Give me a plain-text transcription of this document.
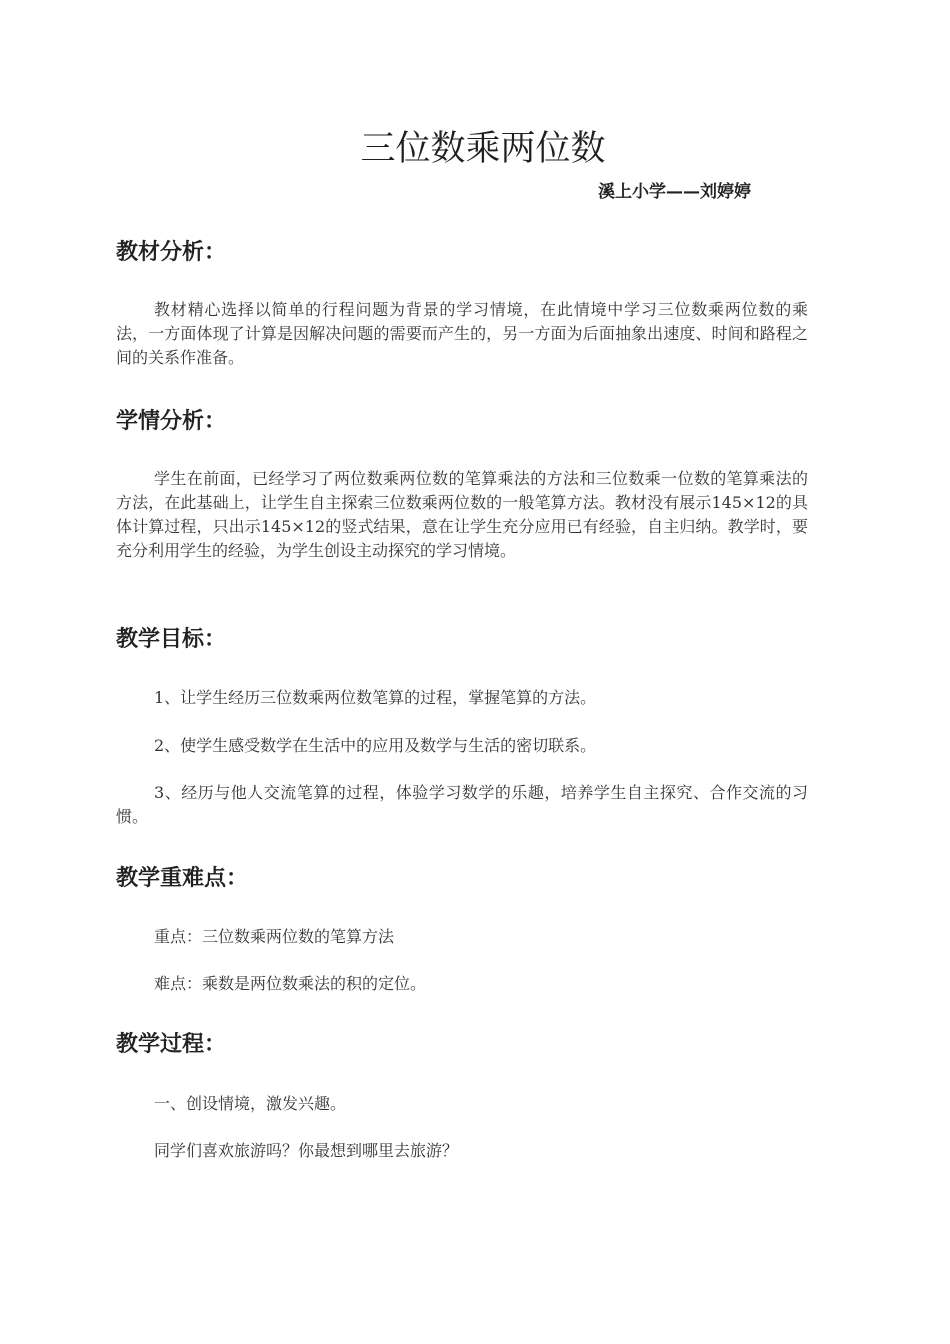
三位数乘两位数
溪上小学——刘婷婷
教材分析：
教材精心选择以简单的行程问题为背景的学习情境，在此情境中学习三位数乘两位数的乘法，一方面体现了计算是因解决问题的需要而产生的，另一方面为后面抽象出速度、时间和路程之间的关系作准备。
学情分析：
学生在前面，已经学习了两位数乘两位数的笔算乘法的方法和三位数乘一位数的笔算乘法的方法，在此基础上，让学生自主探索三位数乘两位数的一般笔算方法。教材没有展示145×12的具体计算过程，只出示145×12的竖式结果，意在让学生充分应用已有经验，自主归纳。教学时，要充分利用学生的经验，为学生创设主动探究的学习情境。
教学目标：
1、让学生经历三位数乘两位数笔算的过程，掌握笔算的方法。
2、使学生感受数学在生活中的应用及数学与生活的密切联系。
3、经历与他人交流笔算的过程，体验学习数学的乐趣，培养学生自主探究、合作交流的习惯。
教学重难点：
重点：三位数乘两位数的笔算方法
难点：乘数是两位数乘法的积的定位。
教学过程：
一、创设情境，激发兴趣。
同学们喜欢旅游吗？你最想到哪里去旅游？
